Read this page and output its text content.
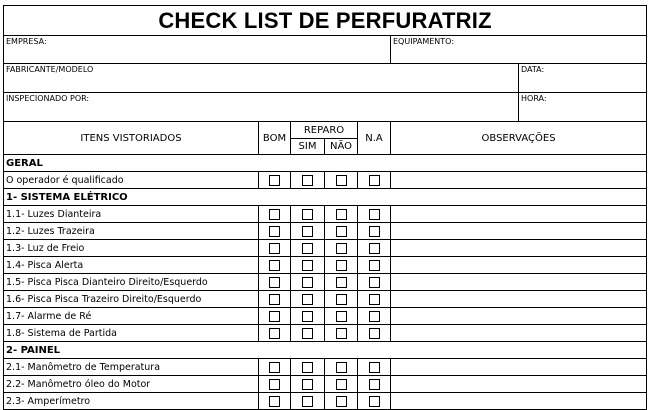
CHECK LIST DE PERFURATRIZ						
EMPRESA:					EQUIPAMENTO:	
FABRICANTE/MODELO						DATA:
INSPECIONADO POR:						HORA:
ITENS VISTORIADOS	BOM	REPARO		N.A	OBSERVAÇÕES	
		SIM	NÃO			
GERAL						
O operador é qualificado						
1- SISTEMA ELÉTRICO						
1.1- Luzes Dianteira						
1.2- Luzes Trazeira						
1.3- Luz de Freio						
1.4- Pisca Alerta						
1.5- Pisca Pisca Dianteiro Direito/Esquerdo						
1.6- Pisca Pisca Trazeiro Direito/Esquerdo						
1.7- Alarme de Ré						
1.8- Sistema de Partida						
2- PAINEL						
2.1- Manômetro de Temperatura						
2.2- Manômetro óleo do Motor						
2.3- Amperímetro						
